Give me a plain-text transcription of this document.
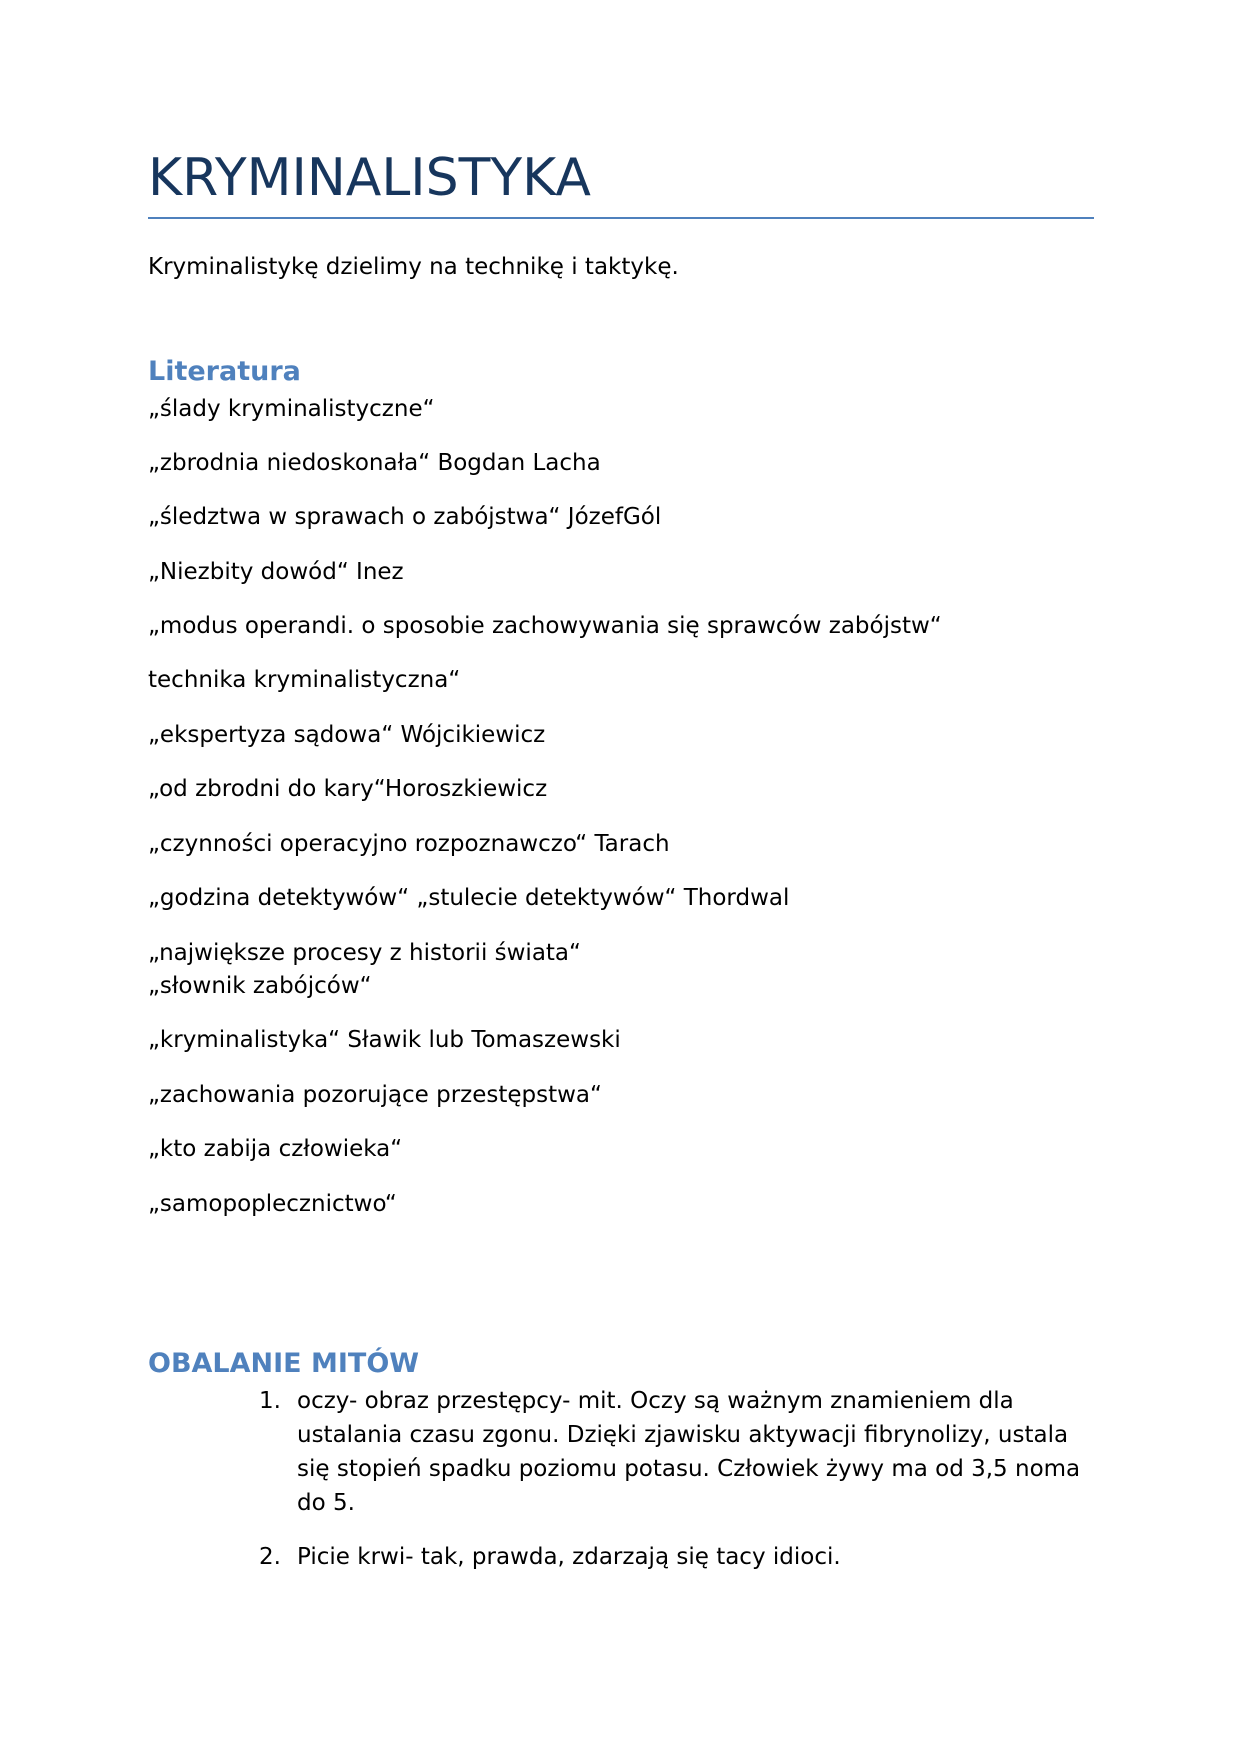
KRYMINALISTYKA

Kryminalistykę dzielimy na technikę i taktykę.

Literatura
„ślady kryminalistyczne“
„zbrodnia niedoskonała“ Bogdan Lacha
„śledztwa w sprawach o zabójstwa“ JózefGól
„Niezbity dowód“ Inez
„modus operandi. o sposobie zachowywania się sprawców zabójstw“
technika kryminalistyczna“
„ekspertyza sądowa“ Wójcikiewicz
„od zbrodni do kary“Horoszkiewicz
„czynności operacyjno rozpoznawczo“ Tarach
„godzina detektywów“ „stulecie detektywów“ Thordwal
„największe procesy z historii świata“
„słownik zabójców“
„kryminalistyka“ Sławik lub Tomaszewski
„zachowania pozorujące przestępstwa“
„kto zabija człowieka“
„samopoplecznictwo“
OBALANIE MITÓW
1. oczy- obraz przestępcy- mit. Oczy są ważnym znamieniem dla ustalania czasu zgonu. Dzięki zjawisku aktywacji fibrynolizy, ustala się stopień spadku poziomu potasu. Człowiek żywy ma od 3,5 noma do 5.
2. Picie krwi- tak, prawda, zdarzają się tacy idioci.
